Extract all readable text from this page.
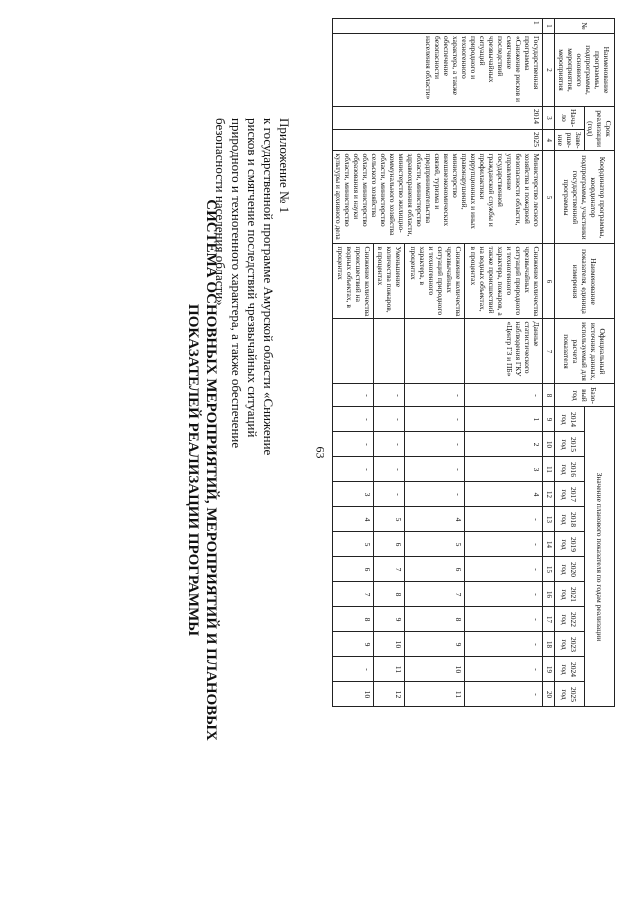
63
Приложение № 1
к государственной программе Амурской области «Снижение рисков и смягчение последствий чрезвычайных ситуаций природного и техногенного характера, а также обеспечение безопасности населения области»
СИСТЕМА ОСНОВНЫХ МЕРОПРИЯТИЙ, МЕРОПРИЯТИЙ И ПЛАНОВЫХ ПОКАЗАТЕЛЕЙ РЕАЛИЗАЦИИ ПРОГРАММЫ
№	Наименование программы, подпрограммы, основного мероприятия, мероприятия	Срок реализации (год)		Координатор программы, координатор подпрограммы, участники государственной программы	Наименование показателя, единица измерения	Официальный источник данных, используемый для расчета показателя	Базо-вый год	Значение планового показателя по годам реализации											
		Нача-ло	Заве-рше-ние					2014 год	2015 год	2016 год	2017 год	2018 год	2019 год	2020 год	2021 год	2022 год	2023 год	2024 год	2025 год
1	2	3	4	5	6	7	8	9	10	11	12	13	14	15	16	17	18	19	20
1	Государственная программа «Снижение рисков и смягчение последствий чрезвычайных ситуаций природного и техногенного характера, а также обеспечение безопасности населения области»	2014	2025	Министерство лесного хозяйства и пожарной безопасности области, управление государственной гражданской службы и профилактики коррупционных и иных правонарушений, министерство внешнеэкономических связей, туризма и предпринимательства области, министерство здравоохранения области, министерство жилищно-коммунального хозяйства области, министерство сельского хозяйства области, министерство образования и науки области, министерство культуры и архивного дела	Снижение количества чрезвычайных ситуаций природного и техногенного характера, пожаров, а также происшествий на водных объектах, в процентах	Данные статистического наблюдения ГКУ «Центр ГЗ и ПБ»	-	1	2	3	4	-	-	-	-	-	-	-	-
					Снижение количества чрезвычайных ситуаций природного и техногенного характера, в процентах		-	-	-	-	-	4	5	6	7	8	9	10	11
					Уменьшение количества пожаров, в процентах		-	-	-	-	-	5	6	7	8	9	10	11	12
					Снижение количества происшествий на водных объектах, в процентах		-	-	-	-	3	4	5	6	7	8	9	-	10
